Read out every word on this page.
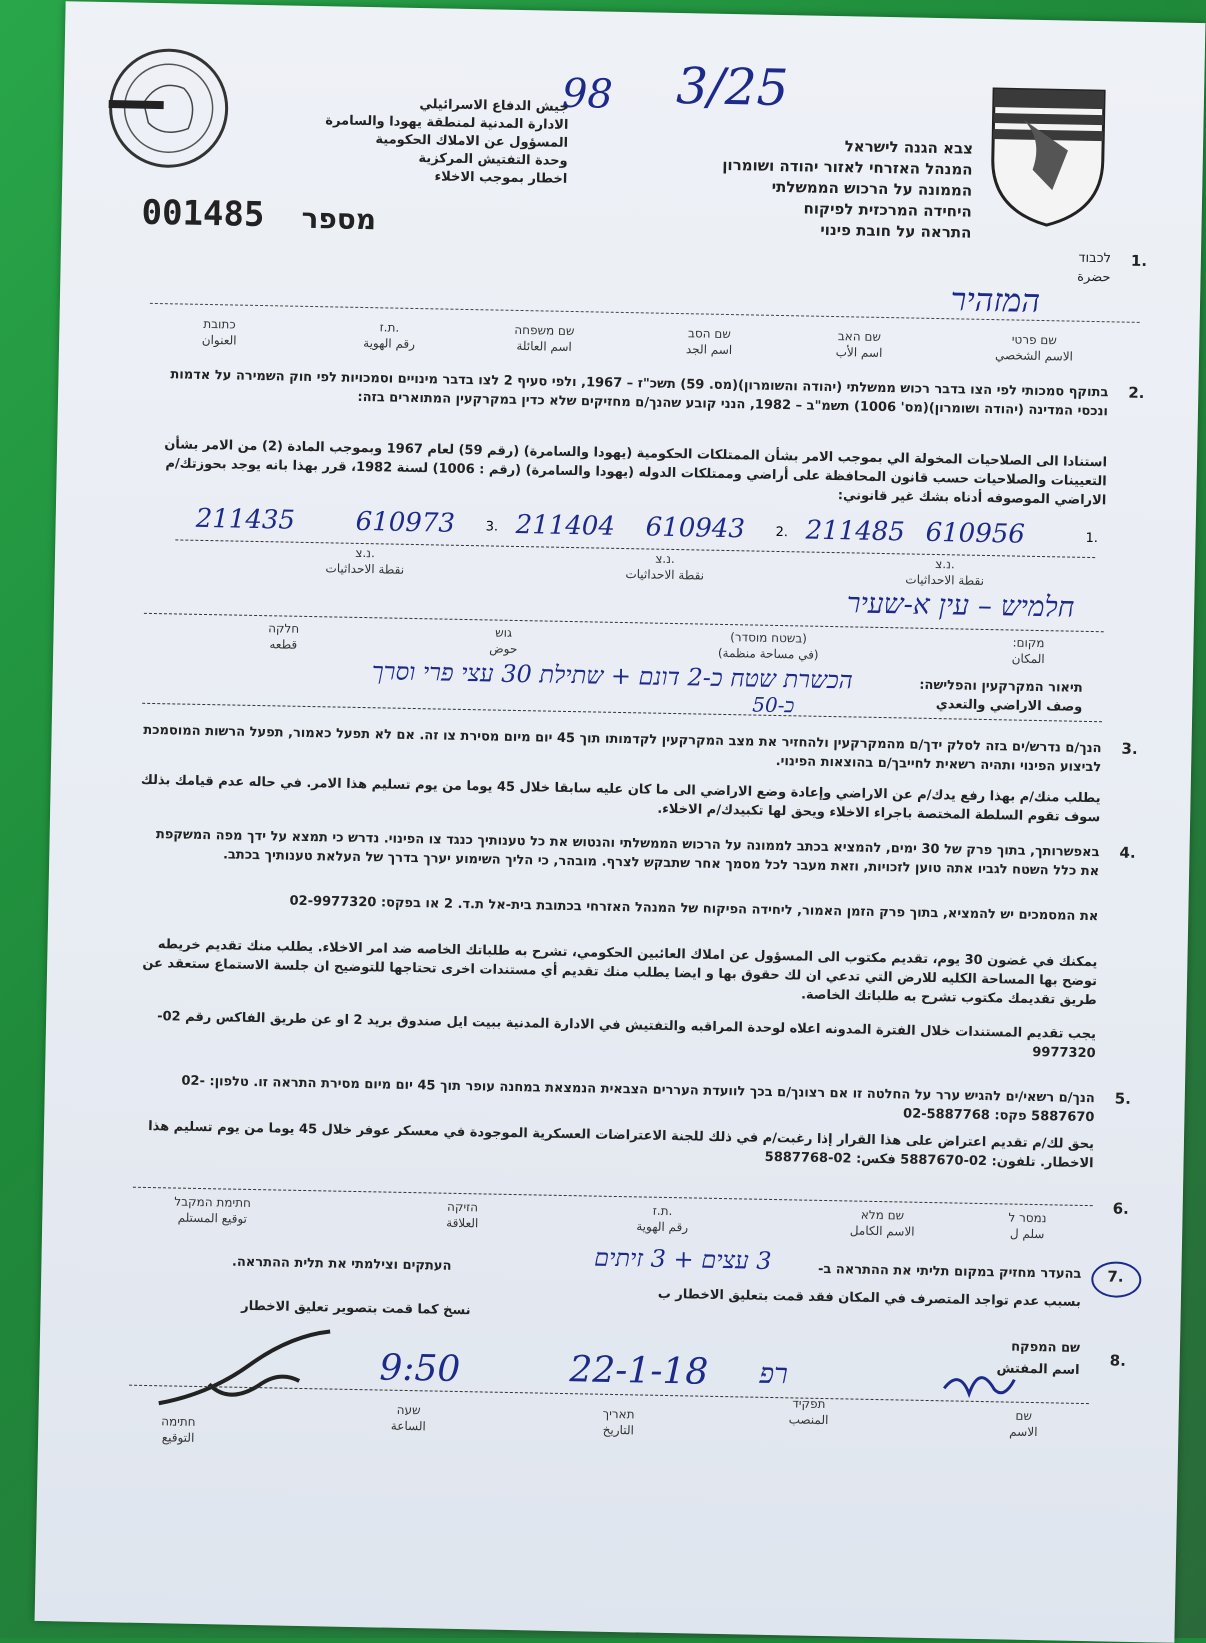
98 3/25
جيش الدفاع الاسرائيلي
الادارة المدنية لمنطقة يهودا والسامرة
المسؤول عن الاملاك الحكومية
وحدة التفتيش المركزية
اخطار بموجب الاخلاء
צבא הגנה לישראל
המנהל האזרחי לאזור יהודה ושומרון
הממונה על הרכוש הממשלתי
היחידה המרכזית לפיקוח
התראה על חובת פינוי
001485 מספר
1.
לכבוד
حضرة
המזהיר
שם פרטי
الاسم الشخصي
שם האב
اسم الأب
שם הסב
اسم الجد
שם משפחה
اسم العائلة
ת.ז.
رقم الهوية
כתובת
العنوان
2.
בתוקף סמכותי לפי הצו בדבר רכוש ממשלתי (יהודה והשומרון)(מס. 59) תשכ"ז – 1967, ולפי סעיף 2 לצו בדבר מינויים וסמכויות לפי חוק השמירה על אדמות ונכסי המדינה (יהודה ושומרון)(מס' 1006) תשמ"ב – 1982, הנני קובע שהנך/ם מחזיקים שלא כדין במקרקעין המתוארים בזה:
استنادا الى الصلاحيات المخولة الي بموجب الامر بشأن الممتلكات الحكومية (يهودا والسامرة) (رقم 59) لعام 1967 وبموجب المادة (2) من الامر بشأن التعيينات والصلاحيات حسب قانون المحافظة على أراضي وممتلكات الدوله (يهودا والسامرة) (رقم : 1006) لسنة 1982، قرر بهذا بانه يوجد بحوزتك/م الاراضي الموصوفه أدناه بشك غير قانوني:
1.
610956
211485
2.
610943
211404
3.
610973
211435
נ.צ.
نقطة الاحداثيات
נ.צ.
نقطة الاحداثيات
נ.צ.
نقطة الاحداثيات
חלמיש – עין א-שעיר
מקום:
المكان
(בשטח מוסדר)
(في مساحة منظمة)
גוש
حوض
חלקה
قطعه
תיאור המקרקעין והפלישה:
وصف الاراضي والتعدي
הכשרת שטח כ-2 דונם + שתילת 30 עצי פרי וסרך
כ-50
3.
הנך/ם נדרש/ים בזה לסלק ידך/ם מהמקרקעין ולהחזיר את מצב המקרקעין לקדמותו תוך 45 יום מיום מסירת צו זה. אם לא תפעל כאמור, תפעל הרשות המוסמכת לביצוע הפינוי ותהיה רשאית לחייבך/ם בהוצאות הפינוי.
يطلب منك/م بهذا رفع يدك/م عن الاراضي وإعادة وضع الاراضي الى ما كان عليه سابقا خلال 45 يوما من يوم تسليم هذا الامر. في حاله عدم قيامك بذلك سوف تقوم السلطة المختصة باجراء الاخلاء ويحق لها تكبيدك/م الاخلاء.
4.
באפשרותך, בתוך פרק של 30 ימים, להמציא בכתב לממונה על הרכוש הממשלתי והנטוש את כל טענותיך כנגד צו הפינוי. נדרש כי תמצא על ידך מפה המשקפת את כלל השטח לגביו אתה טוען לזכויות, וזאת מעבר לכל מסמך אחר שתבקש לצרף. מובהר, כי הליך השימוע יערך בדרך של העלאת טענותיך בכתב.
את המסמכים יש להמציא, בתוך פרק הזמן האמור, ליחידה הפיקוח של המנהל האזרחי בכתובת בית-אל ת.ד. 2 או בפקס: 02-9977320
يمكنك في غضون 30 يوم، تقديم مكتوب الى المسؤول عن املاك العائبين الحكومي، تشرح به طلباتك الخاصه ضد امر الاخلاء. يطلب منك تقديم خريطه توضح بها المساحة الكليه للارض التي تدعي ان لك حقوق بها و ايضا يطلب منك تقديم أي مستندات اخرى تحتاجها للتوضيح ان جلسة الاستماع ستعقد عن طريق تقديمك مكتوب تشرح به طلباتك الخاصة.
يجب تقديم المستندات خلال الفترة المدونه اعلاه لوحدة المراقبه والتفتيش في الادارة المدنية ببيت ايل صندوق بريد 2 او عن طريق الفاكس رقم 02-9977320
5.
הנך/ם רשאי/ים להגיש ערר על החלטה זו אם רצונך/ם בכך לוועדת העררים הצבאית הנמצאת במחנה עופר תוך 45 יום מיום מסירת התראה זו. טלפון: 02-5887670 פקס: 02-5887768
يحق لك/م تقديم اعتراض على هذا القرار إذا رغبت/م في ذلك للجنة الاعتراضات العسكرية الموجودة في معسكر عوفر خلال 45 يوما من يوم تسليم هذا الاخطار. تلفون: 02-5887670 فكس: 02-5887768
6.
נמסר ל
سلم ل
שם מלא
الاسم الكامل
ת.ז.
رقم الهوية
הזיקה
العلاقة
חתימת המקבל
توقيع المستلم
7.
בהעדר מחזיק במקום תליתי את ההתראה ב-
3 עצים + 3 זיתים
העתקים וצילמתי את תלית ההתראה.
بسبب عدم تواجد المتصرف في المكان فقد قمت بتعليق الاخطار ب
نسخ كما قمت بتصوير تعليق الاخطار
שם המפקח
اسم المفتش 8.
9:50	22-1-18 רפ
שם
الاسم
תפקיד
المنصب
תאריך
التاريخ
שעה
الساعة
חתימה
التوقيع
